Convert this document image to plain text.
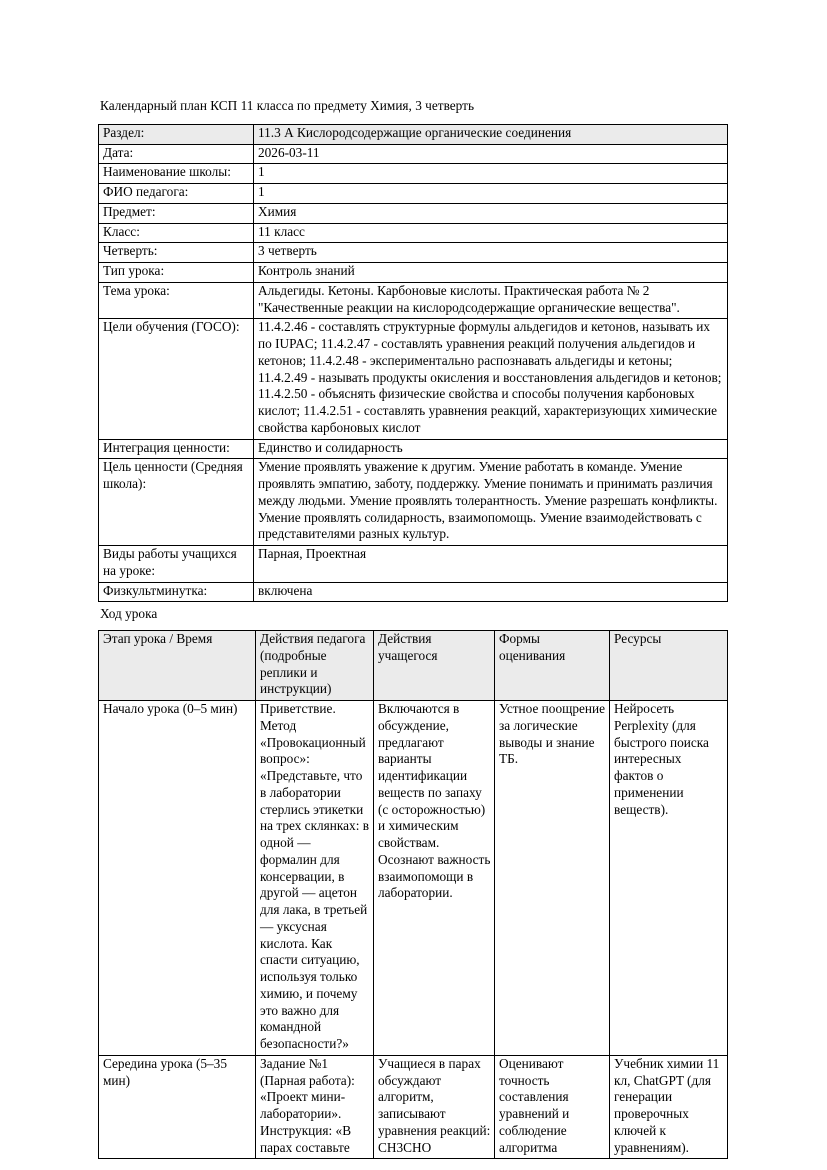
Календарный план КСП 11 класса по предмету Химия, 3 четверть
Раздел:	11.3 А Кислородсодержащие органические соединения
Дата:	2026-03-11
Наименование школы:	1
ФИО педагога:	1
Предмет:	Химия
Класс:	11 класс
Четверть:	3 четверть
Тип урока:	Контроль знаний
Тема урока:	Альдегиды. Кетоны. Карбоновые кислоты. Практическая работа № 2 "Качественные реакции на кислородсодержащие органические вещества".
Цели обучения (ГОСО):	11.4.2.46 - составлять структурные формулы альдегидов и кетонов, называть их по IUPAC; 11.4.2.47 - составлять уравнения реакций получения альдегидов и кетонов; 11.4.2.48 - экспериментально распознавать альдегиды и кетоны; 11.4.2.49 - называть продукты окисления и восстановления альдегидов и кетонов; 11.4.2.50 - объяснять физические свойства и способы получения карбоновых кислот; 11.4.2.51 - составлять уравнения реакций, характеризующих химические свойства карбоновых кислот
Интеграция ценности:	Единство и солидарность
Цель ценности (Средняя школа):	Умение проявлять уважение к другим. Умение работать в команде. Умение проявлять эмпатию, заботу, поддержку. Умение понимать и принимать различия между людьми. Умение проявлять толерантность. Умение разрешать конфликты. Умение проявлять солидарность, взаимопомощь. Умение взаимодействовать с представителями разных культур.
Виды работы учащихся на уроке:	Парная, Проектная
Физкультминутка:	включена

Ход урока

Этап урока / Время	Действия педагога (подробные реплики и инструкции)	Действия учащегося	Формы оценивания	Ресурсы
Начало урока (0–5 мин)	Приветствие. Метод «Провокационный вопрос»: «Представьте, что в лаборатории стерлись этикетки на трех склянках: в одной — формалин для консервации, в другой — ацетон для лака, в третьей — уксусная кислота. Как спасти ситуацию, используя только химию, и почему это важно для командной безопасности?»	Включаются в обсуждение, предлагают варианты идентификации веществ по запаху (с осторожностью) и химическим свойствам. Осознают важность взаимопомощи в лаборатории.	Устное поощрение за логические выводы и знание ТБ.	Нейросеть Perplexity (для быстрого поиска интересных фактов о применении веществ).

Середина урока (5–35 мин)	Задание №1 (Парная работа): «Проект мини-лаборатории». Инструкция: «В парах составьте	Учащиеся в парах обсуждают алгоритм, записывают уравнения реакций: CH3CHO	Оценивают точность составления уравнений и соблюдение алгоритма	Учебник химии 11 кл, ChatGPT (для генерации проверочных ключей к уравнениям).
